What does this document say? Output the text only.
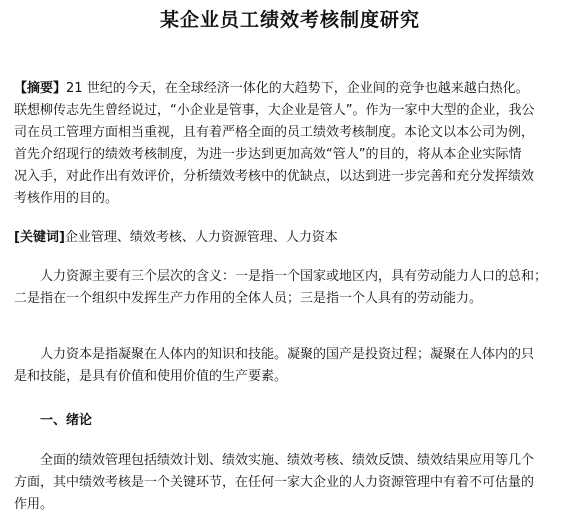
某企业员工绩效考核制度研究

【摘要】21 世纪的今天，在全球经济一体化的大趋势下，企业间的竞争也越来越白热化。
联想柳传志先生曾经说过，“小企业是管事，大企业是管人”。作为一家中大型的企业，我公
司在员工管理方面相当重视，且有着严格全面的员工绩效考核制度。本论文以本公司为例，
首先介绍现行的绩效考核制度，为进一步达到更加高效“管人”的目的，将从本企业实际情
况入手，对此作出有效评价，分析绩效考核中的优缺点，以达到进一步完善和充分发挥绩效
考核作用的目的。

[关键词]企业管理、绩效考核、人力资源管理、人力资本

人力资源主要有三个层次的含义：一是指一个国家或地区内，具有劳动能力人口的总和；
二是指在一个组织中发挥生产力作用的全体人员；三是指一个人具有的劳动能力。

人力资本是指凝聚在人体内的知识和技能。凝聚的国产是投资过程；凝聚在人体内的只
是和技能，是具有价值和使用价值的生产要素。

一、绪论

全面的绩效管理包括绩效计划、绩效实施、绩效考核、绩效反馈、绩效结果应用等几个
方面，其中绩效考核是一个关键环节，在任何一家大企业的人力资源管理中有着不可估量的
作用。
